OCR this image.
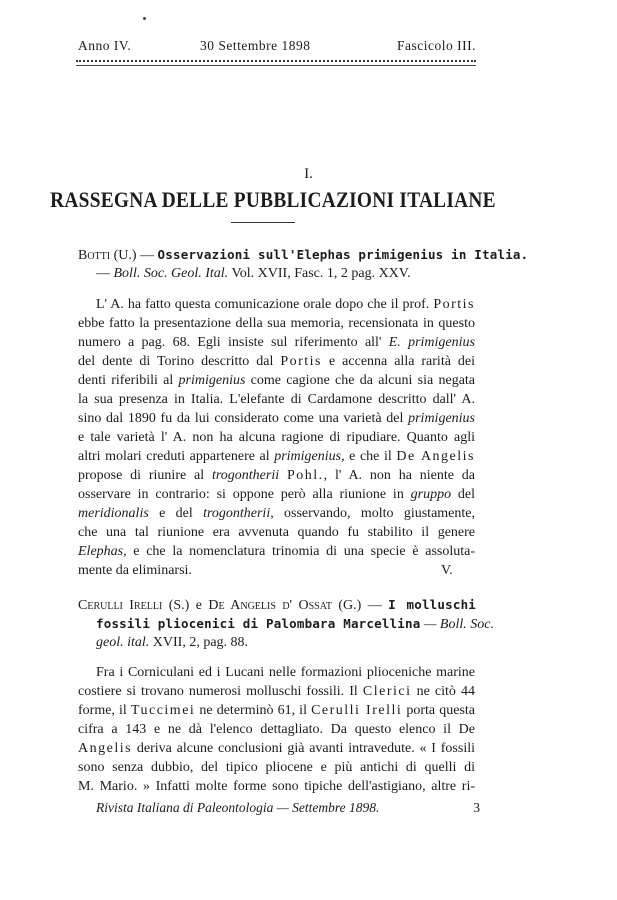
Anno IV.	30 Settembre 1898	Fascicolo III.
I.
RASSEGNA DELLE PUBBLICAZIONI ITALIANE
Botti (U.) — Osservazioni sull'Elephas primigenius in Italia.
— Boll. Soc. Geol. Ital. Vol. XVII, Fasc. 1, 2 pag. XXV.
L' A. ha fatto questa comunicazione orale dopo che il prof. Portis
ebbe fatto la presentazione della sua memoria, recensionata in questo
numero a pag. 68. Egli insiste sul riferimento all' E. primigenius
del dente di Torino descritto dal Portis e accenna alla rarità dei
denti riferibili al primigenius come cagione che da alcuni sia negata
la sua presenza in Italia. L'elefante di Cardamone descritto dall' A.
sino dal 1890 fu da lui considerato come una varietà del primigenius
e tale varietà l' A. non ha alcuna ragione di ripudiare. Quanto agli
altri molari creduti appartenere al primigenius, e che il De Angelis
propose di riunire al trogontherii Pohl., l' A. non ha niente da
osservare in contrario: si oppone però alla riunione in gruppo del
meridionalis e del trogontherii, osservando, molto giustamente,
che una tal riunione era avvenuta quando fu stabilito il genere
Elephas, e che la nomenclatura trinomia di una specie è assoluta-
mente da eliminarsi.	V.
Cerulli Irelli (S.) e De Angelis d' Ossat (G.) — I molluschi
fossili pliocenici di Palombara Marcellina — Boll. Soc.
geol. ital. XVII, 2, pag. 88.
Fra i Corniculani ed i Lucani nelle formazioni plioceniche marine
costiere si trovano numerosi molluschi fossili. Il Clerici ne citò 44
forme, il Tuccimei ne determinò 61, il Cerulli Irelli porta questa
cifra a 143 e ne dà l'elenco dettagliato. Da questo elenco il De
Angelis deriva alcune conclusioni già avanti intravedute. « I fossili
sono senza dubbio, del tipico pliocene e più antichi di quelli di
M. Mario. » Infatti molte forme sono tipiche dell'astigiano, altre ri-
Rivista Italiana di Paleontologia — Settembre 1898.	3
